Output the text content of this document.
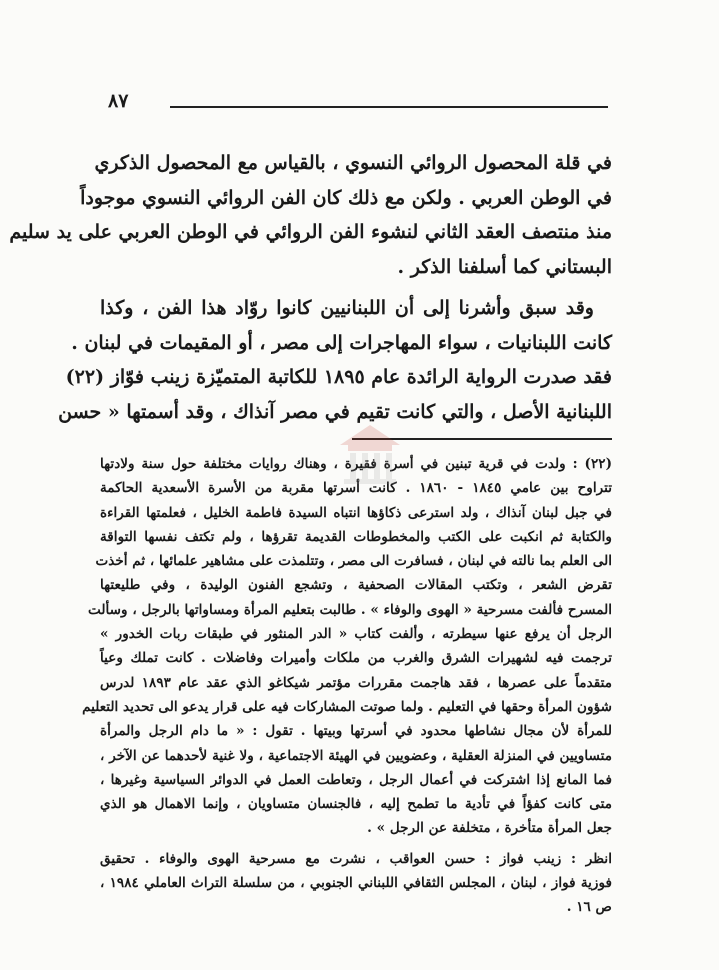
٨٧
في قلة المحصول الروائي النسوي ، بالقياس مع المحصول الذكري
في الوطن العربي . ولكن مع ذلك كان الفن الروائي النسوي موجوداً
منذ منتصف العقد الثاني لنشوء الفن الروائي في الوطن العربي على يد سليم
البستاني كما أسلفنا الذكر .
وقد سبق وأشرنا إلى أن اللبنانيين كانوا روّاد هذا الفن ، وكذا
كانت اللبنانيات ، سواء المهاجرات إلى مصر ، أو المقيمات في لبنان .
فقد صدرت الرواية الرائدة عام ١٨٩٥ للكاتبة المتميّزة زينب فوّاز (٢٢)
اللبنانية الأصل ، والتي كانت تقيم في مصر آنذاك ، وقد أسمتها « حسن
(٢٢) : ولدت في قرية تبنين في أسرة فقيرة ، وهناك روايات مختلفة حول سنة ولادتها
تتراوح بين عامي ١٨٤٥ - ١٨٦٠ . كانت أسرتها مقربة من الأسرة الأسعدية الحاكمة
في جبل لبنان آنذاك ، ولد استرعى ذكاؤها انتباه السيدة فاطمة الخليل ، فعلمتها القراءة
والكتابة ثم انكبت على الكتب والمخطوطات القديمة تقرؤها ، ولم تكتف نفسها التواقة
الى العلم بما نالته في لبنان ، فسافرت الى مصر ، وتتلمذت على مشاهير علمائها ، ثم أخذت
تقرض الشعر ، وتكتب المقالات الصحفية ، وتشجع الفنون الوليدة ، وفي طليعتها
المسرح فألفت مسرحية « الهوى والوفاء » . طالبت بتعليم المرأة ومساواتها بالرجل ، وسألت
الرجل أن يرفع عنها سيطرته ، وألفت كتاب « الدر المنثور في طبقات ربات الخدور »
ترجمت فيه لشهيرات الشرق والغرب من ملكات وأميرات وفاضلات . كانت تملك وعياً
متقدماً على عصرها ، فقد هاجمت مقررات مؤتمر شيكاغو الذي عقد عام ١٨٩٣ لدرس
شؤون المرأة وحقها في التعليم . ولما صوتت المشاركات فيه على قرار يدعو الى تحديد التعليم
للمرأة لأن مجال نشاطها محدود في أسرتها وبيتها . تقول : « ما دام الرجل والمرأة
متساويين في المنزلة العقلية ، وعضويين في الهيئة الاجتماعية ، ولا غنية لأحدهما عن الآخر ،
فما المانع إذا اشتركت في أعمال الرجل ، وتعاطت العمل في الدوائر السياسية وغيرها ،
متى كانت كفؤاً في تأدية ما تطمح إليه ، فالجنسان متساويان ، وإنما الاهمال هو الذي
جعل المرأة متأخرة ، متخلفة عن الرجل » .
انظر : زينب فواز : حسن العواقب ، نشرت مع مسرحية الهوى والوفاء . تحقيق
فوزية فواز ، لبنان ، المجلس الثقافي اللبناني الجنوبي ، من سلسلة التراث العاملي ١٩٨٤ ،
ص ١٦ .
